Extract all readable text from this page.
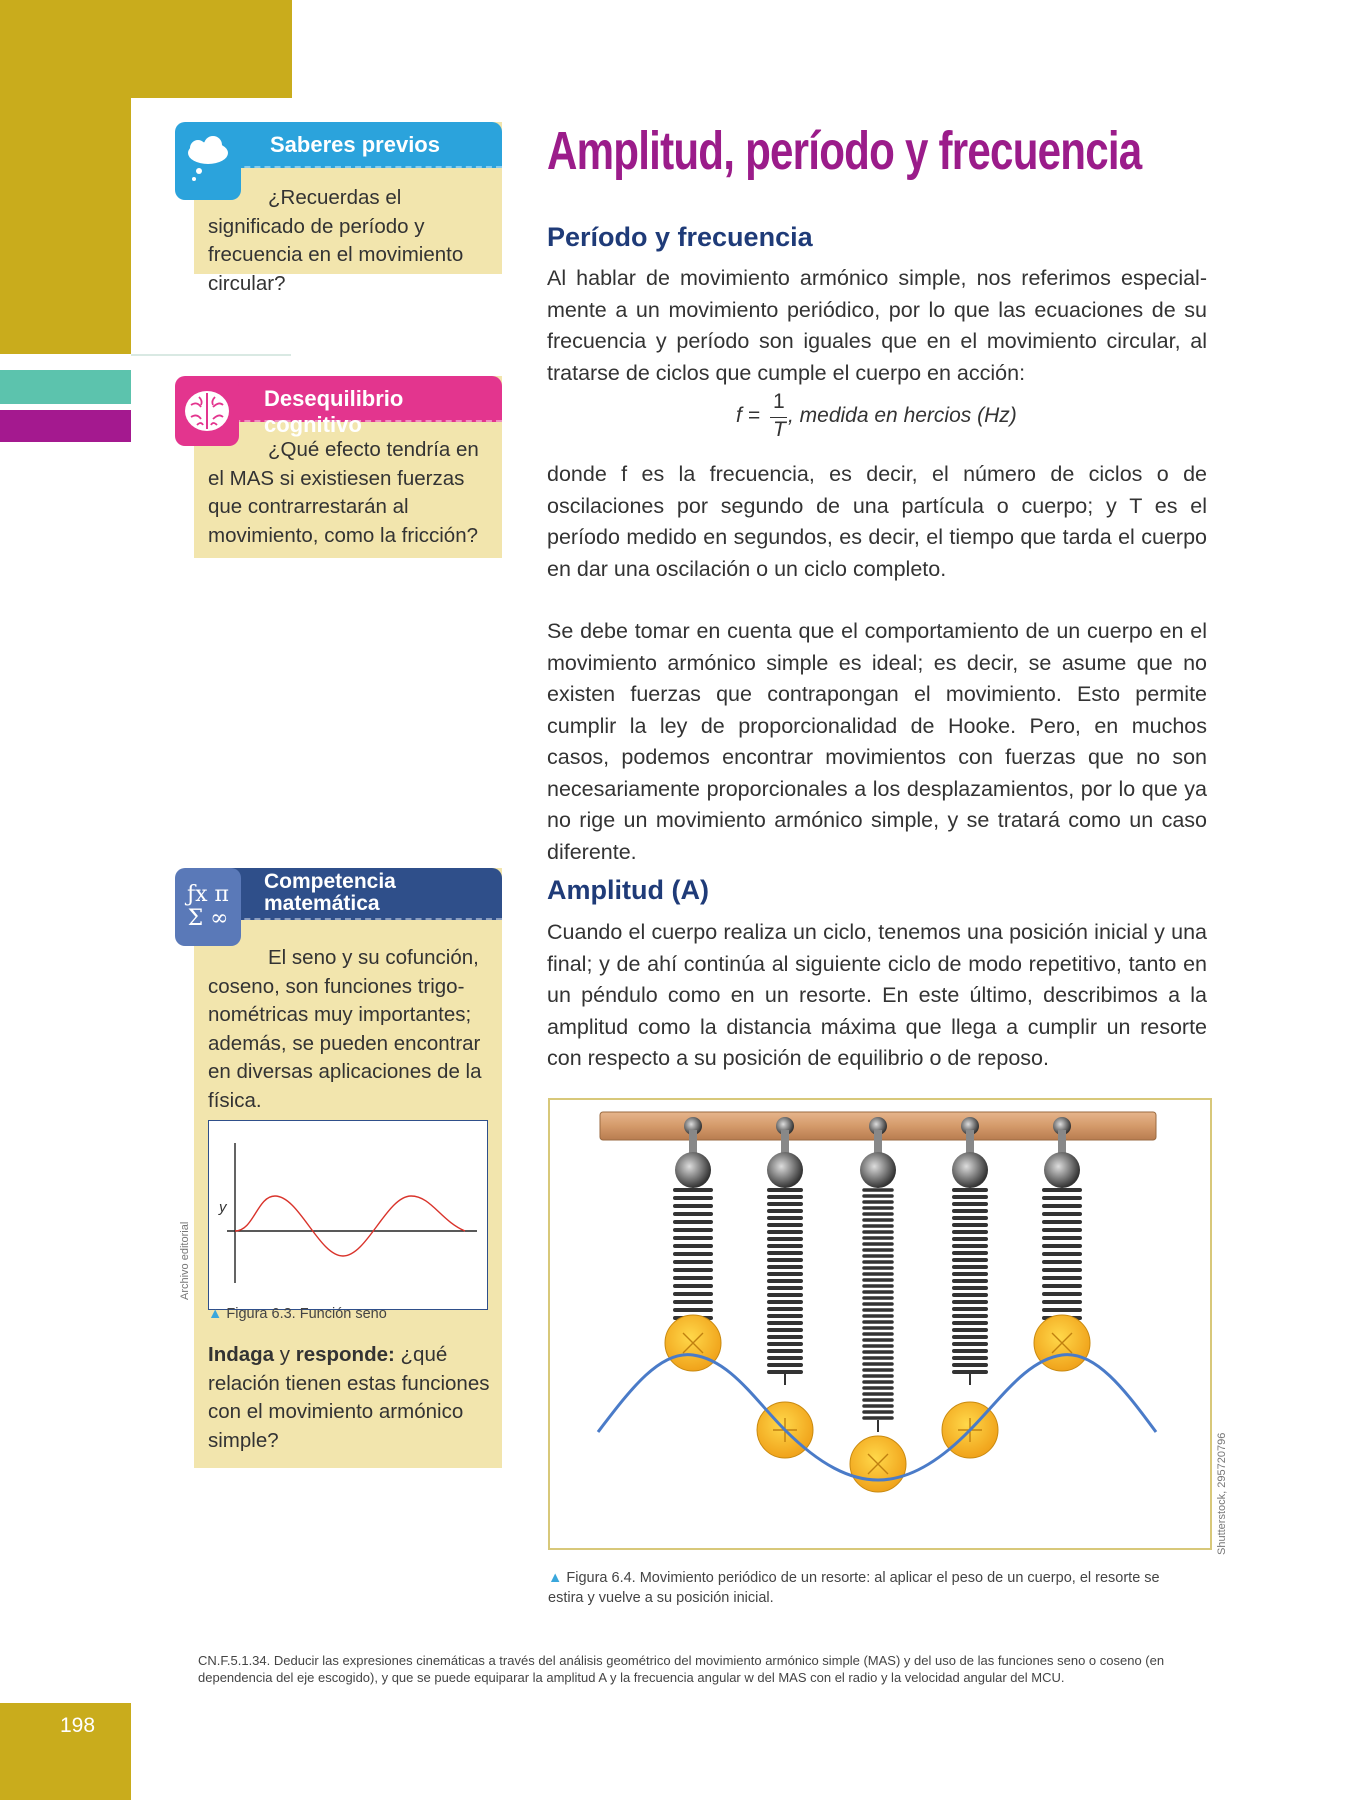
198
Saberes previos
¿Recuerdas el significado de período y frecuencia en el movimiento circular?
Desequilibrio cognitivo
¿Qué efecto tendría en el MAS si existiesen fuerzas que contrarrestarán al movimiento, como la fricción?
Competencia
matemática
El seno y su cofunción, coseno, son funciones trigonométricas muy importantes; además, se pueden encontrar en diversas aplicaciones de la física.
y
▲ Figura 6.3. Función seno
Indaga y responde: ¿qué relación tienen estas funciones con el movimiento armónico simple?
ƒx π
Σ ∞
Archivo editorial
Shutterstock, 295720796
Amplitud, período y frecuencia
Período y frecuencia
Al hablar de movimiento armónico simple, nos referimos especialmente a un movimiento periódico, por lo que las ecuaciones de su frecuencia y período son iguales que en el movimiento circular, al tratarse de ciclos que cumple el cuerpo en acción:
f =
1
T
, medida en hercios (Hz)
donde f es la frecuencia, es decir, el número de ciclos o de oscilaciones por segundo de una partícula o cuerpo; y T es el período medido en segundos, es decir, el tiempo que tarda el cuerpo en dar una oscilación o un ciclo completo.
Se debe tomar en cuenta que el comportamiento de un cuerpo en el movimiento armónico simple es ideal; es decir, se asume que no existen fuerzas que contrapongan el movimiento. Esto permite cumplir la ley de proporcionalidad de Hooke. Pero, en muchos casos, podemos encontrar movimientos con fuerzas que no son necesariamente proporcionales a los desplazamientos, por lo que ya no rige un movimiento armónico simple, y se tratará como un caso diferente.
Amplitud (A)
Cuando el cuerpo realiza un ciclo, tenemos una posición inicial y una final; y de ahí continúa al siguiente ciclo de modo repetitivo, tanto en un péndulo como en un resorte. En este último, describimos a la amplitud como la distancia máxima que llega a cumplir un resorte con respecto a su posición de equilibrio o de reposo.
▲ Figura 6.4. Movimiento periódico de un resorte: al aplicar el peso de un cuerpo, el resorte se estira y vuelve a su posición inicial.
CN.F.5.1.34. Deducir las expresiones cinemáticas a través del análisis geométrico del movimiento armónico simple (MAS) y del uso de las funciones seno o coseno (en dependencia del eje escogido), y que se puede equiparar la amplitud A y la frecuencia angular w del MAS con el radio y la velocidad angular del MCU.
